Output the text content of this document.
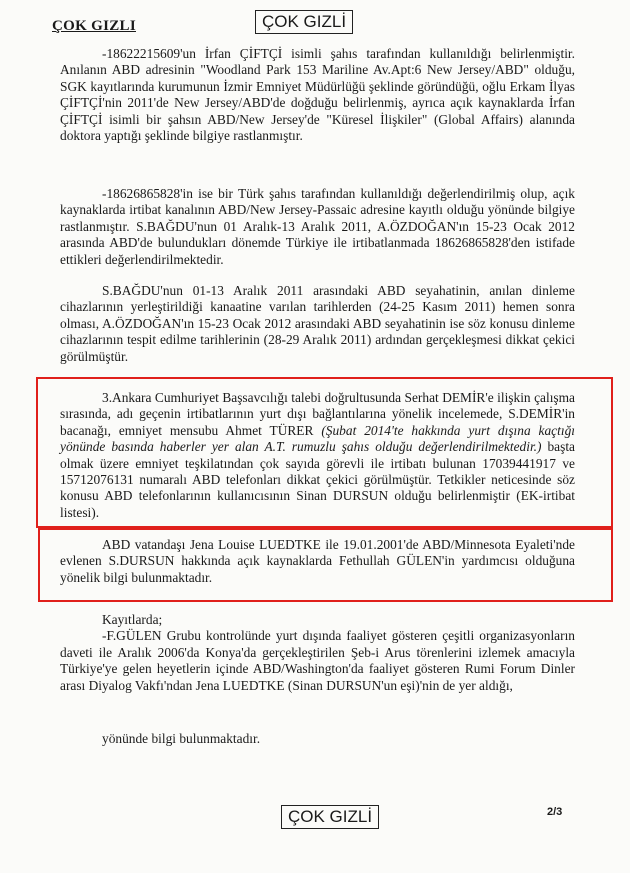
ÇOK GIZLI	ÇOK GIZLİ

-18622215609'un İrfan ÇİFTÇİ isimli şahıs tarafından kullanıldığı belirlenmiştir. Anılanın ABD adresinin "Woodland Park 153 Mariline Av.Apt:6 New Jersey/ABD" olduğu, SGK kayıtlarında kurumunun İzmir Emniyet Müdürlüğü şeklinde göründüğü, oğlu Erkam İlyas ÇİFTÇİ'nin 2011'de New Jersey/ABD'de doğduğu belirlenmiş, ayrıca açık kaynaklarda İrfan ÇİFTÇİ isimli bir şahsın ABD/New Jersey'de "Küresel İlişkiler" (Global Affairs) alanında doktora yaptığı şeklinde bilgiye rastlanmıştır.

-18626865828'in ise bir Türk şahıs tarafından kullanıldığı değerlendirilmiş olup, açık kaynaklarda irtibat kanalının ABD/New Jersey-Passaic adresine kayıtlı olduğu yönünde bilgiye rastlanmıştır. S.BAĞDU'nun 01 Aralık-13 Aralık 2011, A.ÖZDOĞAN'ın 15-23 Ocak 2012 arasında ABD'de bulundukları dönemde Türkiye ile irtibatlanmada 18626865828'den istifade ettikleri değerlendirilmektedir.

S.BAĞDU'nun 01-13 Aralık 2011 arasındaki ABD seyahatinin, anılan dinleme cihazlarının yerleştirildiği kanaatine varılan tarihlerden (24-25 Kasım 2011) hemen sonra olması, A.ÖZDOĞAN'ın 15-23 Ocak 2012 arasındaki ABD seyahatinin ise söz konusu dinleme cihazlarının tespit edilme tarihlerinin (28-29 Aralık 2011) ardından gerçekleşmesi dikkat çekici görülmüştür.

3.Ankara Cumhuriyet Başsavcılığı talebi doğrultusunda Serhat DEMİR'e ilişkin çalışma sırasında, adı geçenin irtibatlarının yurt dışı bağlantılarına yönelik incelemede, S.DEMİR'in bacanağı, emniyet mensubu Ahmet TÜRER (Şubat 2014'te hakkında yurt dışına kaçtığı yönünde basında haberler yer alan A.T. rumuzlu şahıs olduğu değerlendirilmektedir.) başta olmak üzere emniyet teşkilatından çok sayıda görevli ile irtibatı bulunan 17039441917 ve 15712076131 numaralı ABD telefonları dikkat çekici görülmüştür. Tetkikler neticesinde söz konusu ABD telefonlarının kullanıcısının Sinan DURSUN olduğu belirlenmiştir (EK-irtibat listesi).

ABD vatandaşı Jena Louise LUEDTKE ile 19.01.2001'de ABD/Minnesota Eyaleti'nde evlenen S.DURSUN hakkında açık kaynaklarda Fethullah GÜLEN'in yardımcısı olduğuna yönelik bilgi bulunmaktadır.

Kayıtlarda;

-F.GÜLEN Grubu kontrolünde yurt dışında faaliyet gösteren çeşitli organizasyonların daveti ile Aralık 2006'da Konya'da gerçekleştirilen Şeb-i Arus törenlerini izlemek amacıyla Türkiye'ye gelen heyetlerin içinde ABD/Washington'da faaliyet gösteren Rumi Forum Dinler arası Diyalog Vakfı'ndan Jena LUEDTKE (Sinan DURSUN'un eşi)'nin de yer aldığı,

yönünde bilgi bulunmaktadır.

ÇOK GIZLİ	2/3
